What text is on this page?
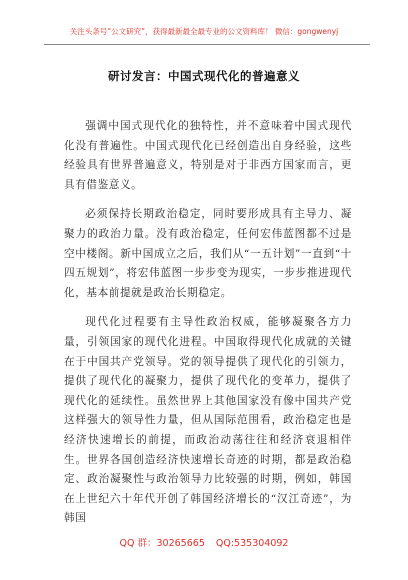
关注头条号“公文研究”，获得最新最全最专业的公文资料库！ 微信：gongwenyj
研讨发言：中国式现代化的普遍意义

强调中国式现代化的独特性，并不意味着中国式现代化没有普遍性。中国式现代化已经创造出自身经验，这些经验具有世界普遍意义，特别是对于非西方国家而言，更具有借鉴意义。

必须保持长期政治稳定，同时要形成具有主导力、凝聚力的政治力量。没有政治稳定，任何宏伟蓝图都不过是空中楼阁。新中国成立之后，我们从“一五计划”一直到“十四五规划”，将宏伟蓝图一步步变为现实，一步步推进现代化，基本前提就是政治长期稳定。

现代化过程要有主导性政治权威，能够凝聚各方力量，引领国家的现代化进程。中国取得现代化成就的关键在于中国共产党领导。党的领导提供了现代化的引领力，提供了现代化的凝聚力，提供了现代化的变革力，提供了现代化的延续性。虽然世界上其他国家没有像中国共产党这样强大的领导性力量，但从国际范围看，政治稳定也是经济快速增长的前提，而政治动荡往往和经济衰退相伴生。世界各国创造经济快速增长奇迹的时期，都是政治稳定、政治凝聚性与政治领导力比较强的时期，例如，韩国在上世纪六十年代开创了韩国经济增长的“汉江奇迹”，为韩国

QQ 群：30265665 QQ:535304092
